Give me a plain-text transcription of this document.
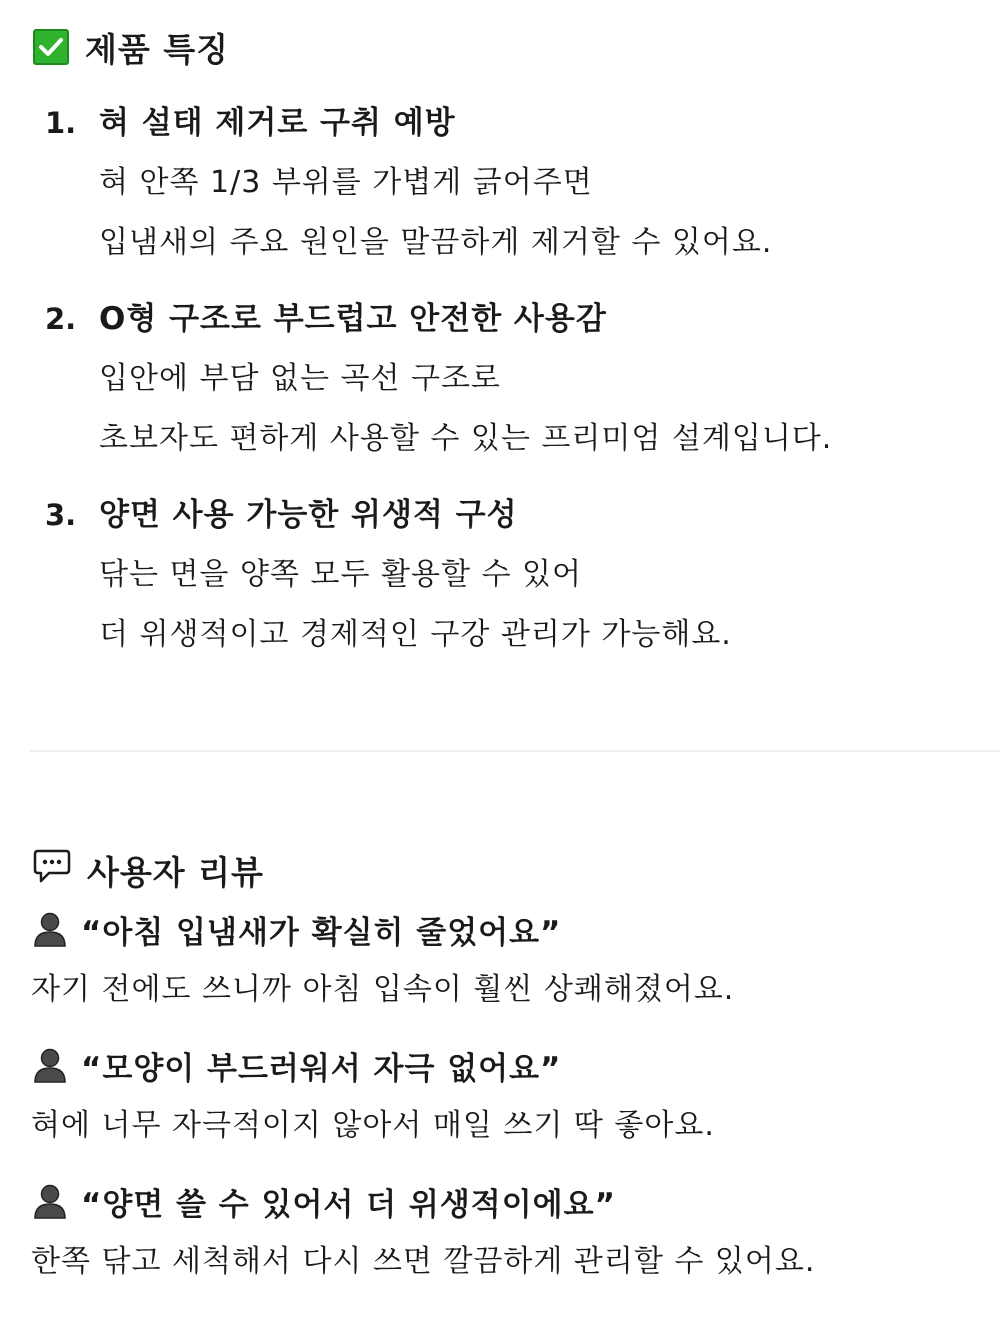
제품 특징
1. 혀 설태 제거로 구취 예방
혀 안쪽 1/3 부위를 가볍게 긁어주면
입냄새의 주요 원인을 말끔하게 제거할 수 있어요.
2. O형 구조로 부드럽고 안전한 사용감
입안에 부담 없는 곡선 구조로
초보자도 편하게 사용할 수 있는 프리미엄 설계입니다.
3. 양면 사용 가능한 위생적 구성
닦는 면을 양쪽 모두 활용할 수 있어
더 위생적이고 경제적인 구강 관리가 가능해요.
사용자 리뷰
“아침 입냄새가 확실히 줄었어요”
자기 전에도 쓰니까 아침 입속이 훨씬 상쾌해졌어요.
“모양이 부드러워서 자극 없어요”
혀에 너무 자극적이지 않아서 매일 쓰기 딱 좋아요.
“양면 쓸 수 있어서 더 위생적이에요”
한쪽 닦고 세척해서 다시 쓰면 깔끔하게 관리할 수 있어요.
